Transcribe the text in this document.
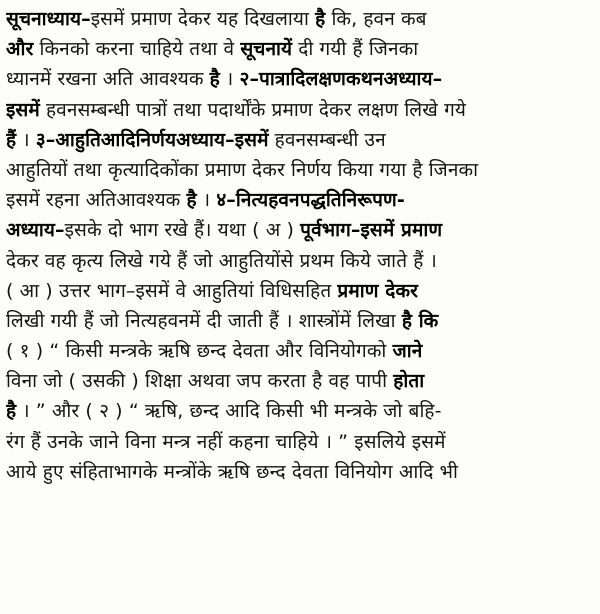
सूचनाध्याय–इसमें प्रमाण देकर यह दिखलाया है कि, हवन कब
और किनको करना चाहिये तथा वे सूचनायें दी गयी हैं जिनका
ध्यानमें रखना अति आवश्यक है । २–पात्रादिलक्षणकथनअध्याय–
इसमें हवनसम्बन्धी पात्रों तथा पदार्थोंके प्रमाण देकर लक्षण लिखे गये
हैं । ३–आहुतिआदिनिर्णयअध्याय–इसमें हवनसम्बन्धी उन
आहुतियों तथा कृत्यादिकोंका प्रमाण देकर निर्णय किया गया है जिनका
इसमें रहना अतिआवश्यक है । ४–नित्यहवनपद्धतिनिरूपण-
अध्याय–इसके दो भाग रखे हैं। यथा ( अ ) पूर्वभाग–इसमें प्रमाण
देकर वह कृत्य लिखे गये हैं जो आहुतियोंसे प्रथम किये जाते हैं ।
( आ ) उत्तर भाग–इसमें वे आहुतियां विधिसहित प्रमाण देकर
लिखी गयी हैं जो नित्यहवनमें दी जाती हैं । शास्त्रोंमें लिखा है कि
( १ ) “ किसी मन्त्रके ऋषि छन्द देवता और विनियोगको जाने
विना जो ( उसकी ) शिक्षा अथवा जप करता है वह पापी होता
है । ” और ( २ ) “ ऋषि, छन्द आदि किसी भी मन्त्रके जो बहि-
रंग हैं उनके जाने विना मन्त्र नहीं कहना चाहिये । ” इसलिये इसमें
आये हुए संहिताभागके मन्त्रोंके ऋषि छन्द देवता विनियोग आदि भी
